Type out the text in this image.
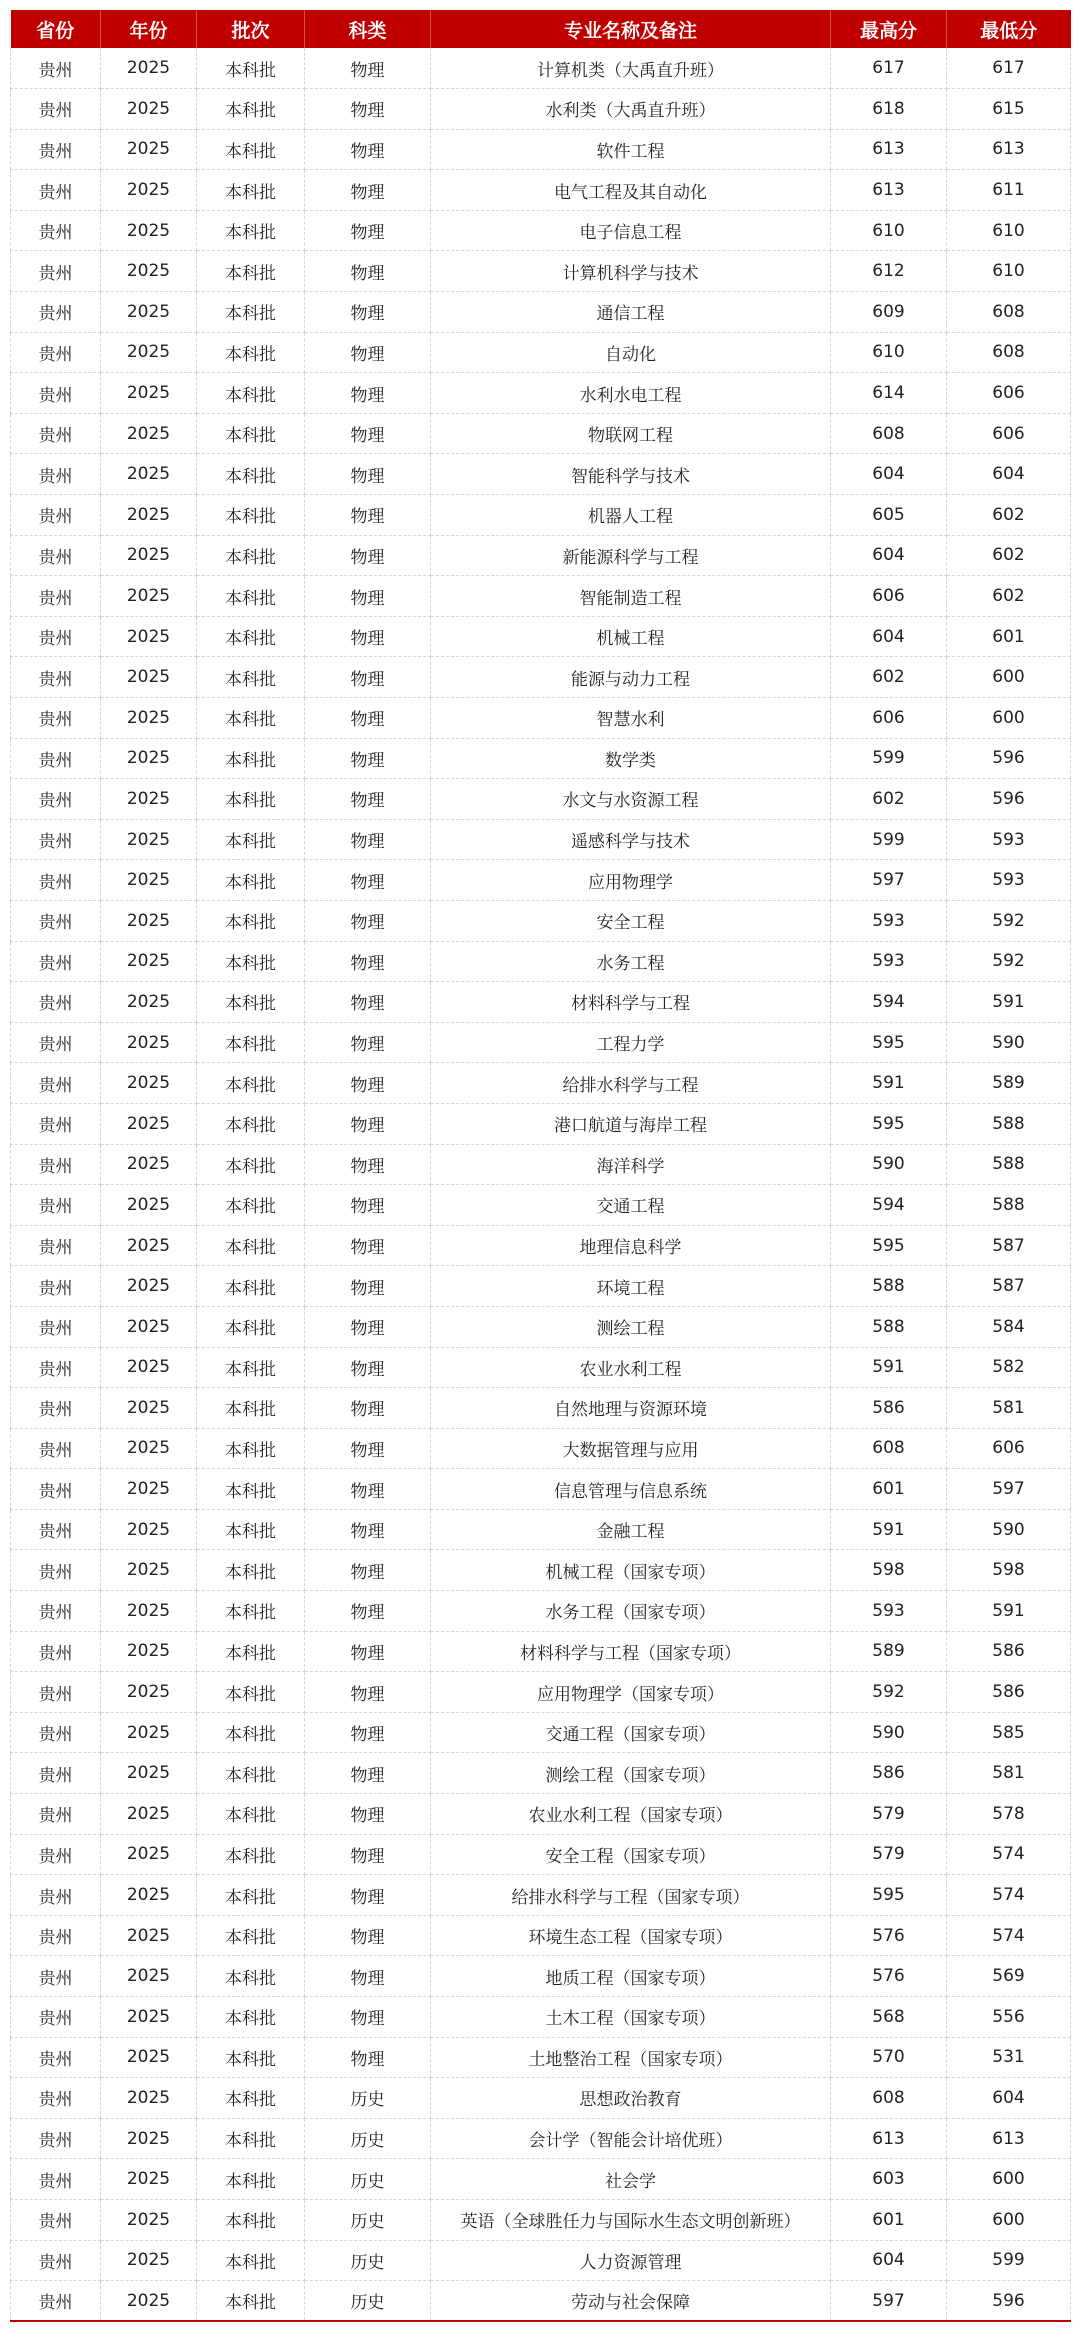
省份	年份	批次	科类	专业名称及备注	最高分	最低分
贵州	2025	本科批	物理	计算机类（大禹直升班）	617	617
贵州	2025	本科批	物理	水利类（大禹直升班）	618	615
贵州	2025	本科批	物理	软件工程	613	613
贵州	2025	本科批	物理	电气工程及其自动化	613	611
贵州	2025	本科批	物理	电子信息工程	610	610
贵州	2025	本科批	物理	计算机科学与技术	612	610
贵州	2025	本科批	物理	通信工程	609	608
贵州	2025	本科批	物理	自动化	610	608
贵州	2025	本科批	物理	水利水电工程	614	606
贵州	2025	本科批	物理	物联网工程	608	606
贵州	2025	本科批	物理	智能科学与技术	604	604
贵州	2025	本科批	物理	机器人工程	605	602
贵州	2025	本科批	物理	新能源科学与工程	604	602
贵州	2025	本科批	物理	智能制造工程	606	602
贵州	2025	本科批	物理	机械工程	604	601
贵州	2025	本科批	物理	能源与动力工程	602	600
贵州	2025	本科批	物理	智慧水利	606	600
贵州	2025	本科批	物理	数学类	599	596
贵州	2025	本科批	物理	水文与水资源工程	602	596
贵州	2025	本科批	物理	遥感科学与技术	599	593
贵州	2025	本科批	物理	应用物理学	597	593
贵州	2025	本科批	物理	安全工程	593	592
贵州	2025	本科批	物理	水务工程	593	592
贵州	2025	本科批	物理	材料科学与工程	594	591
贵州	2025	本科批	物理	工程力学	595	590
贵州	2025	本科批	物理	给排水科学与工程	591	589
贵州	2025	本科批	物理	港口航道与海岸工程	595	588
贵州	2025	本科批	物理	海洋科学	590	588
贵州	2025	本科批	物理	交通工程	594	588
贵州	2025	本科批	物理	地理信息科学	595	587
贵州	2025	本科批	物理	环境工程	588	587
贵州	2025	本科批	物理	测绘工程	588	584
贵州	2025	本科批	物理	农业水利工程	591	582
贵州	2025	本科批	物理	自然地理与资源环境	586	581
贵州	2025	本科批	物理	大数据管理与应用	608	606
贵州	2025	本科批	物理	信息管理与信息系统	601	597
贵州	2025	本科批	物理	金融工程	591	590
贵州	2025	本科批	物理	机械工程（国家专项）	598	598
贵州	2025	本科批	物理	水务工程（国家专项）	593	591
贵州	2025	本科批	物理	材料科学与工程（国家专项）	589	586
贵州	2025	本科批	物理	应用物理学（国家专项）	592	586
贵州	2025	本科批	物理	交通工程（国家专项）	590	585
贵州	2025	本科批	物理	测绘工程（国家专项）	586	581
贵州	2025	本科批	物理	农业水利工程（国家专项）	579	578
贵州	2025	本科批	物理	安全工程（国家专项）	579	574
贵州	2025	本科批	物理	给排水科学与工程（国家专项）	595	574
贵州	2025	本科批	物理	环境生态工程（国家专项）	576	574
贵州	2025	本科批	物理	地质工程（国家专项）	576	569
贵州	2025	本科批	物理	土木工程（国家专项）	568	556
贵州	2025	本科批	物理	土地整治工程（国家专项）	570	531
贵州	2025	本科批	历史	思想政治教育	608	604
贵州	2025	本科批	历史	会计学（智能会计培优班）	613	613
贵州	2025	本科批	历史	社会学	603	600
贵州	2025	本科批	历史	英语（全球胜任力与国际水生态文明创新班）	601	600
贵州	2025	本科批	历史	人力资源管理	604	599
贵州	2025	本科批	历史	劳动与社会保障	597	596
